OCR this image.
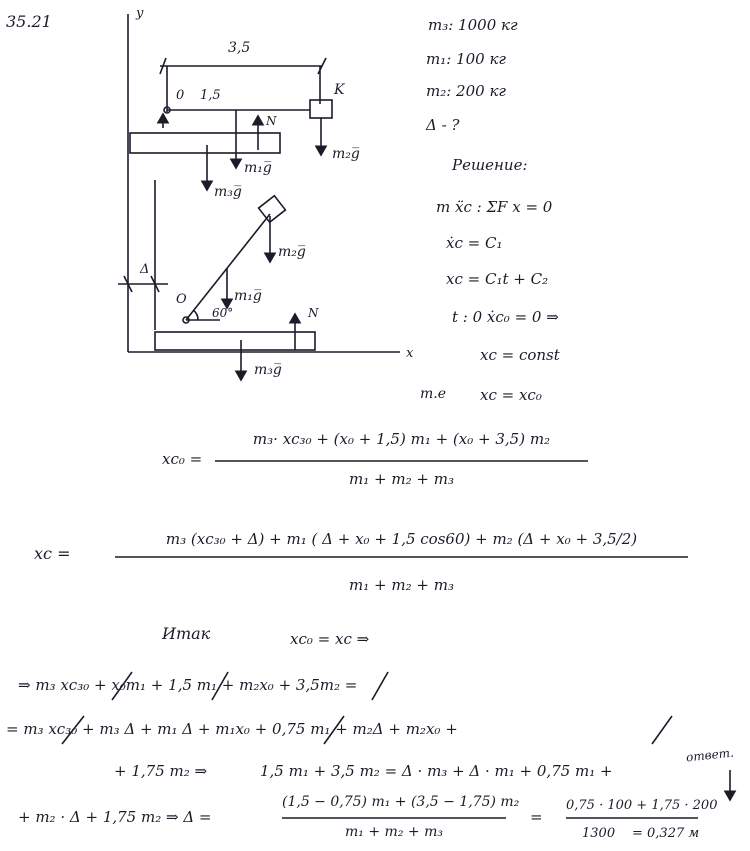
35.21	y
3,5
0 1,5	K
N
m₂g̅
m₁g̅
m₃g̅
Δ
O
60°
m₂g̅
m₁g̅
N
x
m₃g̅
m₃: 1000 кг
m₁: 100 кг
m₂: 200 кг
Δ - ?
Решение:
m ẍc : ΣF x = 0
ẋc = C₁
xc = C₁t + C₂
t : 0 ẋc₀ = 0 ⇒
xc = const
т.е xc = xc₀
xc₀ =
m₃· xc₃₀ + (x₀ + 1,5) m₁ + (x₀ + 3,5) m₂
m₁ + m₂ + m₃
xc =
m₃ (xc₃₀ + Δ) + m₁ ( Δ + x₀ + 1,5 cos60) + m₂ (Δ + x₀ + 3,5/2)
m₁ + m₂ + m₃
Итак	xc₀ = xc ⇒
⇒ m₃ xc₃₀ + x₀m₁ + 1,5 m₁ + m₂x₀ + 3,5m₂ =
= m₃ xc₃₀ + m₃ Δ + m₁ Δ + m₁x₀ + 0,75 m₁ + m₂Δ + m₂x₀ +
+ 1,75 m₂ ⇒	1,5 m₁ + 3,5 m₂ = Δ · m₃ + Δ · m₁ + 0,75 m₁ +
+ m₂ · Δ + 1,75 m₂ ⇒ Δ =
(1,5 − 0,75) m₁ + (3,5 − 1,75) m₂
m₁ + m₂ + m₃
=
0,75 · 100 + 1,75 · 200
1300 = 0,327 м
ответ.
